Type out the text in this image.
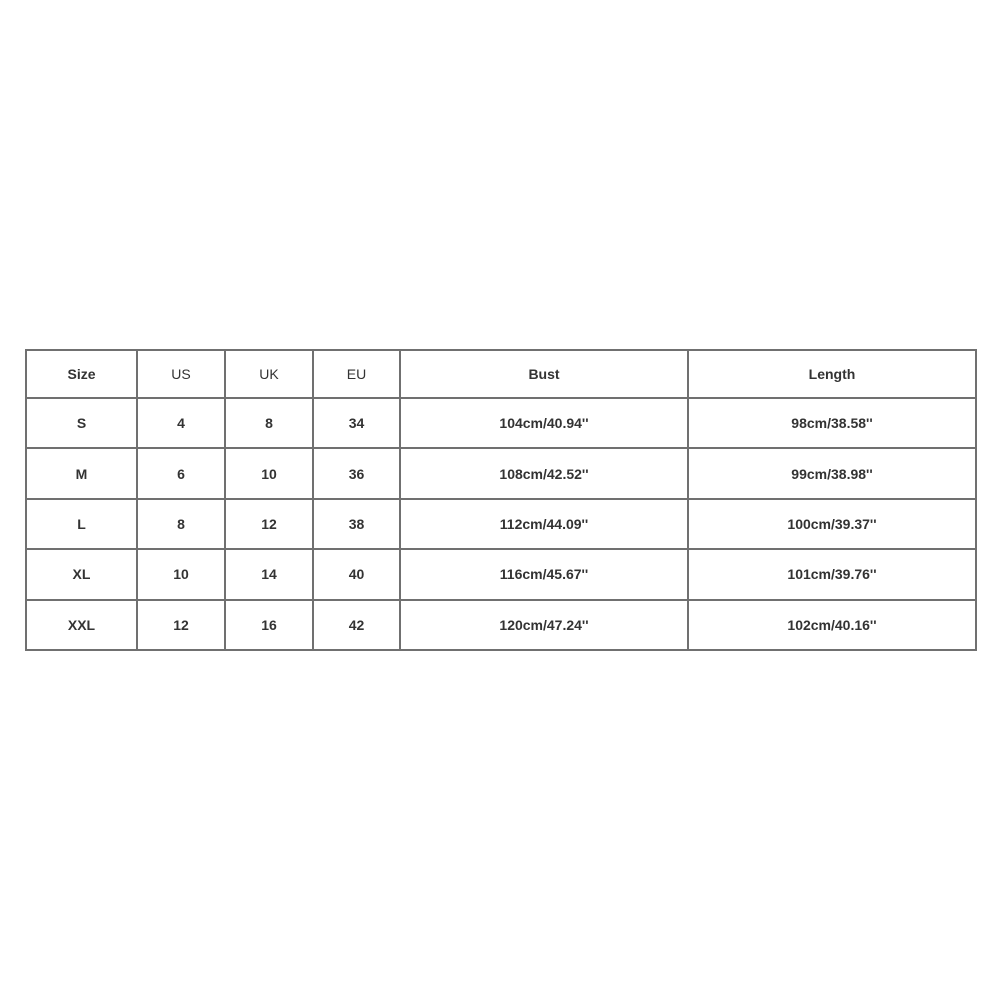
Size	US	UK	EU	Bust	Length
S	4	8	34	104cm/40.94''	98cm/38.58''
M	6	10	36	108cm/42.52''	99cm/38.98''
L	8	12	38	112cm/44.09''	100cm/39.37''
XL	10	14	40	116cm/45.67''	101cm/39.76''
XXL	12	16	42	120cm/47.24''	102cm/40.16''
